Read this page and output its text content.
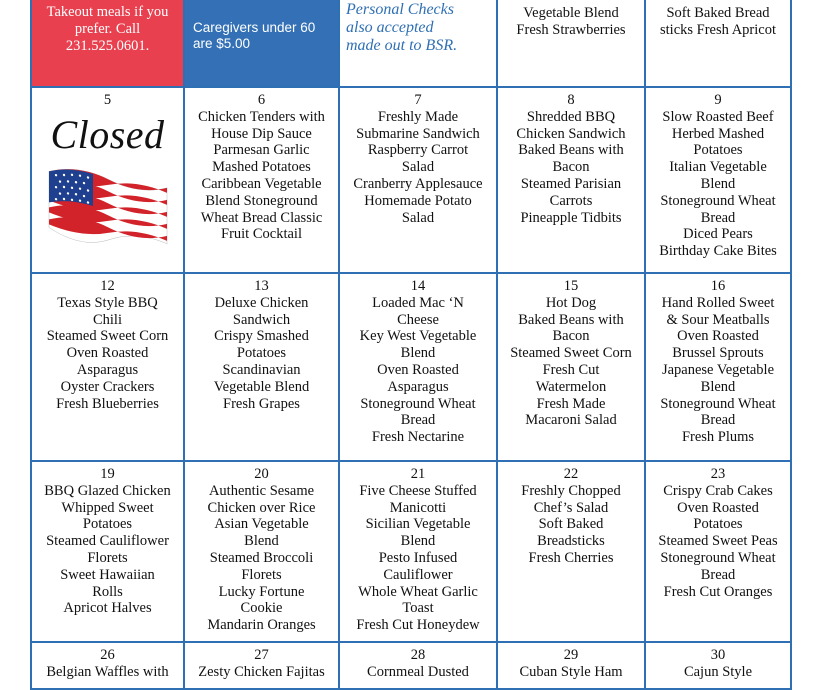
Takeout meals if you
prefer. Call
231.525.0601.
Caregivers under 60
are $5.00
Personal Checks
also accepted
made out to BSR.
Vegetable Blend
Fresh Strawberries
Soft Baked Bread
sticks Fresh Apricot
5
Closed
6
Chicken Tenders with
House Dip Sauce
Parmesan Garlic
Mashed Potatoes
Caribbean Vegetable
Blend Stoneground
Wheat Bread Classic
Fruit Cocktail
7
Freshly Made
Submarine Sandwich
Raspberry Carrot
Salad
Cranberry Applesauce
Homemade Potato
Salad
8
Shredded BBQ
Chicken Sandwich
Baked Beans with
Bacon
Steamed Parisian
Carrots
Pineapple Tidbits
9
Slow Roasted Beef
Herbed Mashed
Potatoes
Italian Vegetable
Blend
Stoneground Wheat
Bread
Diced Pears
Birthday Cake Bites
12
Texas Style BBQ
Chili
Steamed Sweet Corn
Oven Roasted
Asparagus
Oyster Crackers
Fresh Blueberries
13
Deluxe Chicken
Sandwich
Crispy Smashed
Potatoes
Scandinavian
Vegetable Blend
Fresh Grapes
14
Loaded Mac ‘N
Cheese
Key West Vegetable
Blend
Oven Roasted
Asparagus
Stoneground Wheat
Bread
Fresh Nectarine
15
Hot Dog
Baked Beans with
Bacon
Steamed Sweet Corn
Fresh Cut
Watermelon
Fresh Made
Macaroni Salad
16
Hand Rolled Sweet
& Sour Meatballs
Oven Roasted
Brussel Sprouts
Japanese Vegetable
Blend
Stoneground Wheat
Bread
Fresh Plums
19
BBQ Glazed Chicken
Whipped Sweet
Potatoes
Steamed Cauliflower
Florets
Sweet Hawaiian
Rolls
Apricot Halves
20
Authentic Sesame
Chicken over Rice
Asian Vegetable
Blend
Steamed Broccoli
Florets
Lucky Fortune
Cookie
Mandarin Oranges
21
Five Cheese Stuffed
Manicotti
Sicilian Vegetable
Blend
Pesto Infused
Cauliflower
Whole Wheat Garlic
Toast
Fresh Cut Honeydew
22
Freshly Chopped
Chef’s Salad
Soft Baked
Breadsticks
Fresh Cherries
23
Crispy Crab Cakes
Oven Roasted
Potatoes
Steamed Sweet Peas
Stoneground Wheat
Bread
Fresh Cut Oranges
26
Belgian Waffles with
27
Zesty Chicken Fajitas
28
Cornmeal Dusted
29
Cuban Style Ham
30
Cajun Style
